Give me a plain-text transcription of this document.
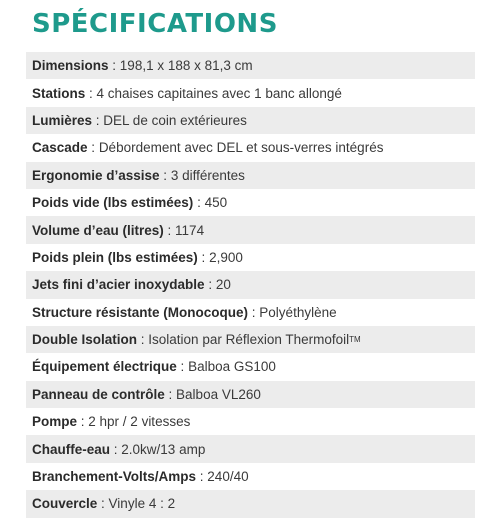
SPÉCIFICATIONS
Dimensions : 198,1 x 188 x 81,3 cm
Stations : 4 chaises capitaines avec 1 banc allongé
Lumières : DEL de coin extérieures
Cascade : Débordement avec DEL et sous-verres intégrés
Ergonomie d’assise : 3 différentes
Poids vide (lbs estimées) : 450
Volume d’eau (litres) : 1174
Poids plein (lbs estimées) : 2,900
Jets fini d’acier inoxydable : 20
Structure résistante (Monocoque) : Polyéthylène
Double Isolation : Isolation par Réflexion Thermofoil TM
Équipement électrique : Balboa GS100
Panneau de contrôle : Balboa VL260
Pompe : 2 hpr / 2 vitesses
Chauffe-eau : 2.0kw/13 amp
Branchement-Volts/Amps : 240/40
Couvercle : Vinyle 4 : 2
